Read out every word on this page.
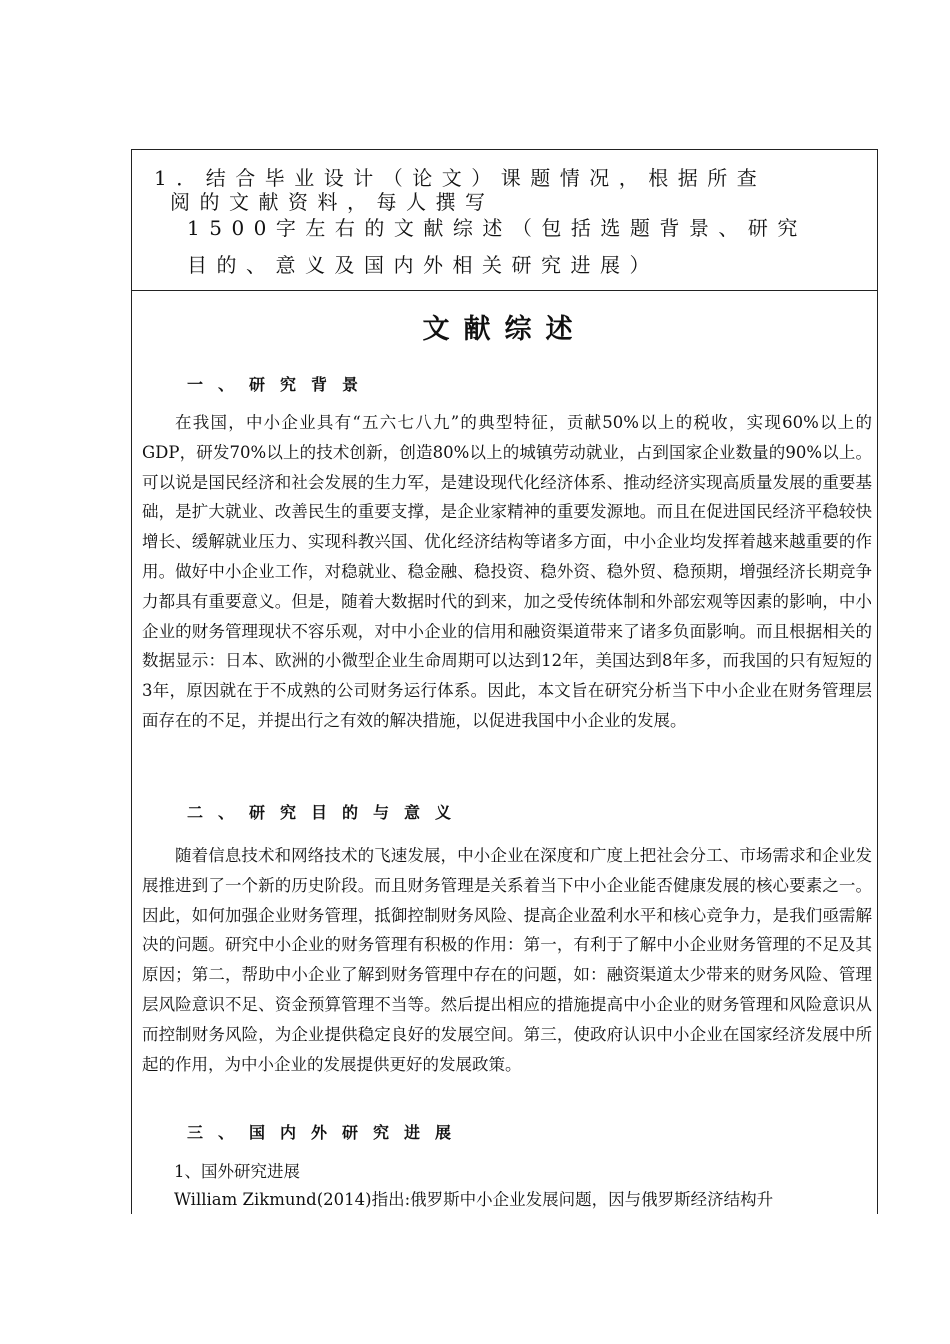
1．结合毕业设计（论文）课题情况，根据所查
阅的文献资料，每人撰写
1500字左右的文献综述（包括选题背景、研究
目的、意义及国内外相关研究进展）
文献综述
一、研究背景

在我国，中小企业具有“五六七八九”的典型特征，贡献50%以上的税收，实现60%以上的GDP，研发70%以上的技术创新，创造80%以上的城镇劳动就业，占到国家企业数量的90%以上。可以说是国民经济和社会发展的生力军，是建设现代化经济体系、推动经济实现高质量发展的重要基础，是扩大就业、改善民生的重要支撑，是企业家精神的重要发源地。而且在促进国民经济平稳较快增长、缓解就业压力、实现科教兴国、优化经济结构等诸多方面，中小企业均发挥着越来越重要的作用。做好中小企业工作，对稳就业、稳金融、稳投资、稳外资、稳外贸、稳预期，增强经济长期竞争力都具有重要意义。但是，随着大数据时代的到来，加之受传统体制和外部宏观等因素的影响，中小企业的财务管理现状不容乐观，对中小企业的信用和融资渠道带来了诸多负面影响。而且根据相关的数据显示：日本、欧洲的小微型企业生命周期可以达到12年，美国达到8年多，而我国的只有短短的3年，原因就在于不成熟的公司财务运行体系。因此，本文旨在研究分析当下中小企业在财务管理层面存在的不足，并提出行之有效的解决措施，以促进我国中小企业的发展。

二、研究目的与意义

随着信息技术和网络技术的飞速发展，中小企业在深度和广度上把社会分工、市场需求和企业发展推进到了一个新的历史阶段。而且财务管理是关系着当下中小企业能否健康发展的核心要素之一。因此，如何加强企业财务管理，抵御控制财务风险、提高企业盈利水平和核心竞争力，是我们亟需解决的问题。研究中小企业的财务管理有积极的作用：第一，有利于了解中小企业财务管理的不足及其原因；第二，帮助中小企业了解到财务管理中存在的问题，如：融资渠道太少带来的财务风险、管理层风险意识不足、资金预算管理不当等。然后提出相应的措施提高中小企业的财务管理和风险意识从而控制财务风险，为企业提供稳定良好的发展空间。第三，使政府认识中小企业在国家经济发展中所起的作用，为中小企业的发展提供更好的发展政策。

三、国内外研究进展
1、国外研究进展
William Zikmund(2014)指出:俄罗斯中小企业发展问题，因与俄罗斯经济结构升
